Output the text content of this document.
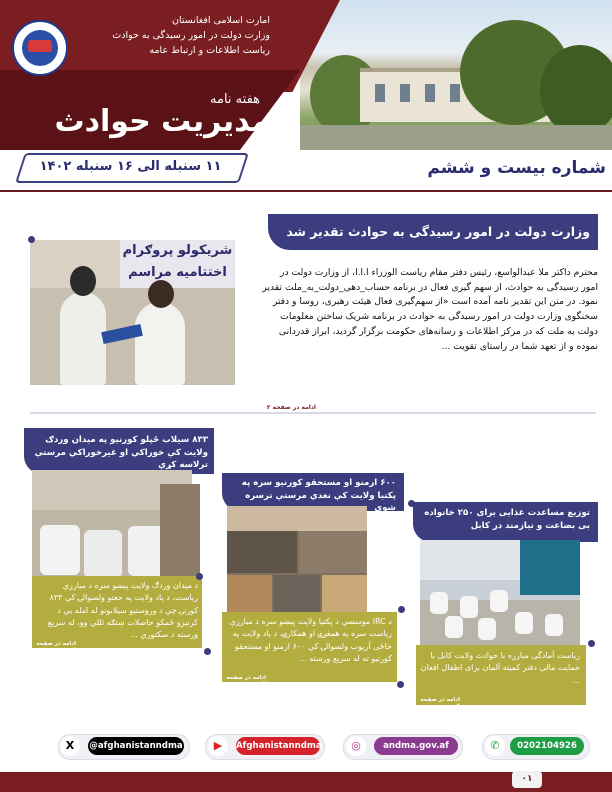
امارت اسلامی افغانستان
وزارت دولت در امور رسیدگی به حوادث
ریاست اطلاعات و ارتباط عامه
هفته نامه
مدیریت حوادث
۱۱ سنبله الی ۱۶ سنبله ۱۴۰۲	شماره بیست و ششم
وزارت دولت در امور رسیدگی به حوادث تقدیر شد
محترم داکتر ملا عبدالواسع، رئیس دفتر مقام ریاست الوزراء ا.ا.ا، از وزارت دولت در امور رسیدگی به حوادث، از سهم گیری فعال در برنامه حساب_دهی_دولت_به_ملت تقدیر نمود. در متن این تقدیر نامه آمده است «از سهم‌گیری فعال هیئت رهبری، روسا و دفتر سخنگوی وزارت دولت در امور رسیدگی به حوادث در برنامه شریک ساختن معلومات دولت به ملت که در مرکز اطلاعات و رسانه‌های حکومت برگزار گردید، ابراز قدردانی نموده و از تعهد شما در راستای تقویت ...
شریکولو پروګرام اختتامیه مراسم
ادامه در صفحه ۲
۸۳۳ سیلاب ځپلو کورنیو په میدان وردګ ولایت کې خوراکي او غیرخوراکي مرستې ترلاسه کړې
د میدان وردګ ولایت پېښو سره د مبارزې ریاست، د یاد ولایت په جغتو ولسوالۍ کې ۸۳۳ کورنۍ چې د وروستیو سیلابونو له امله یې د کرنیزو ځمکو حاصلات ښتګه ثللي وو، له سرېع ورسته د سکتوري ...
ادامه در صفحه ۲
۶۰۰ ارمنو او مستحقو کورنیو سره په پکتیا ولایت کې نغدي مرستې ترسره شوې
د IRC موسسې د پکتیا ولایت پېښو سره د مبارزې ریاست سره په همغږۍ او همکارۍ، د یاد ولایت په خاځی آریوب ولسوالۍ کې ۶۰۰ ارمنو او مستحقو کورنیو ته له سرېع ورسته ...
ادامه در صفحه ۲
توزیع مساعدت غذایی برای ۲۵۰ خانواده بی بضاعت و نیازمند در کابل
ریاست آمادگی مبارزه با حوادث ولایت کابل با حمایت مالی دفتر کمیته آلمان برای اطفال افغان ...
ادامه در صفحه ۲
X	@afghanistanndma	▶	Afghanistanndma	◎	andma.gov.af	✆	0202104926
۰۱
